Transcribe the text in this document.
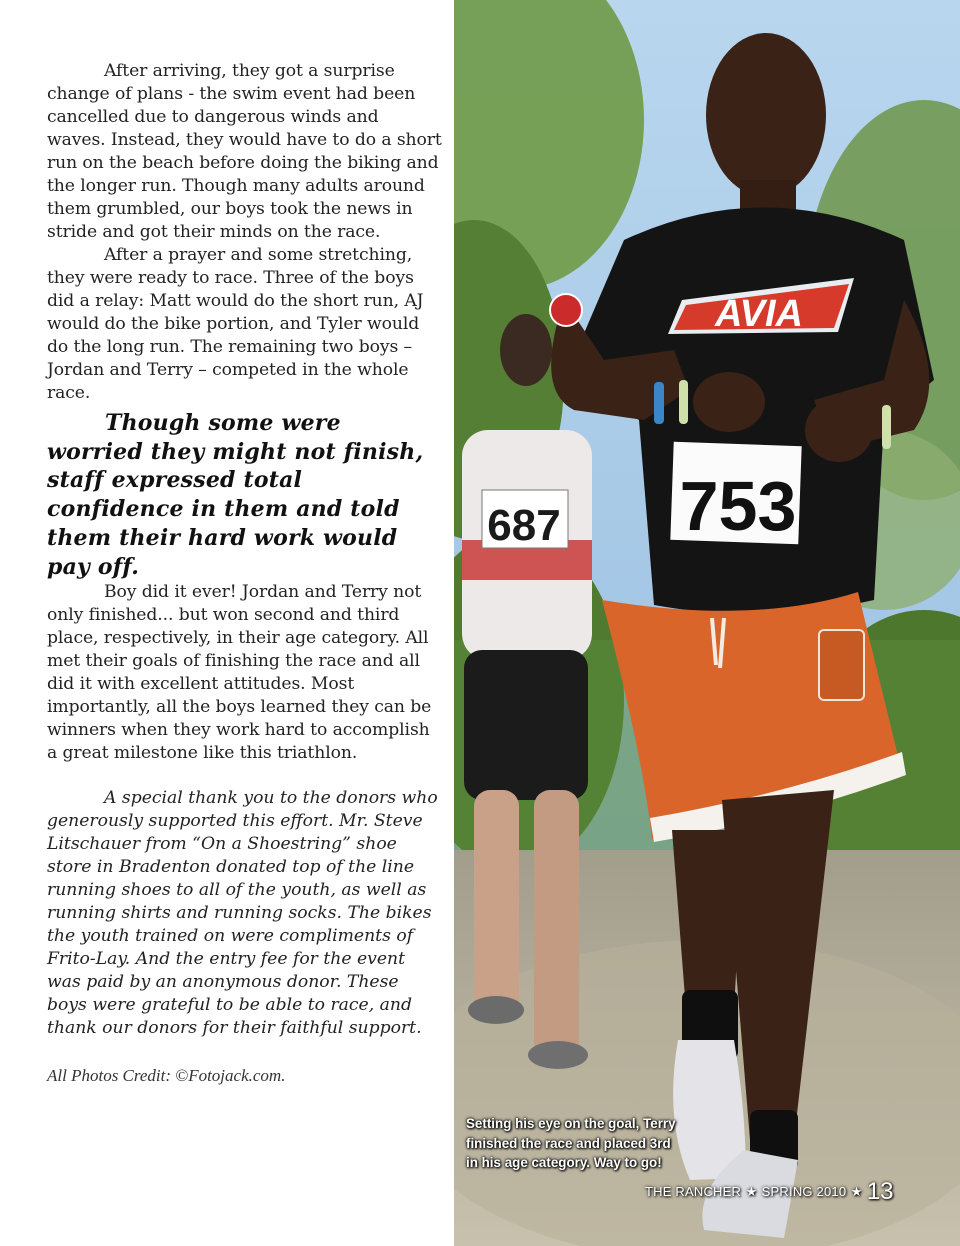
After arriving, they got a surprise change of plans - the swim event had been cancelled due to dangerous winds and waves. Instead, they would have to do a short run on the beach before doing the biking and the longer run. Though many adults around them grumbled, our boys took the news in stride and got their minds on the race.

After a prayer and some stretching, they were ready to race. Three of the boys did a relay: Matt would do the short run, AJ would do the bike portion, and Tyler would do the long run. The remaining two boys – Jordan and Terry – competed in the whole race.

Though some were worried they might not finish, staff expressed total confidence in them and told them their hard work would pay off.

Boy did it ever! Jordan and Terry not only finished... but won second and third place, respectively, in their age category. All met their goals of finishing the race and all did it with excellent attitudes. Most importantly, all the boys learned they can be winners when they work hard to accomplish a great milestone like this triathlon.

A special thank you to the donors who generously supported this effort. Mr. Steve Litschauer from “On a Shoestring” shoe store in Bradenton donated top of the line running shoes to all of the youth, as well as running shirts and running socks. The bikes the youth trained on were compliments of Frito-Lay. And the entry fee for the event was paid by an anonymous donor. These boys were grateful to be able to race, and thank our donors for their faithful support.

All Photos Credit: ©Fotojack.com.

687
AVIA
753
Setting his eye on the goal, Terry finished the race and placed 3rd in his age category. Way to go!
THE RANCHER ★ SPRING 2010 ★ 13
